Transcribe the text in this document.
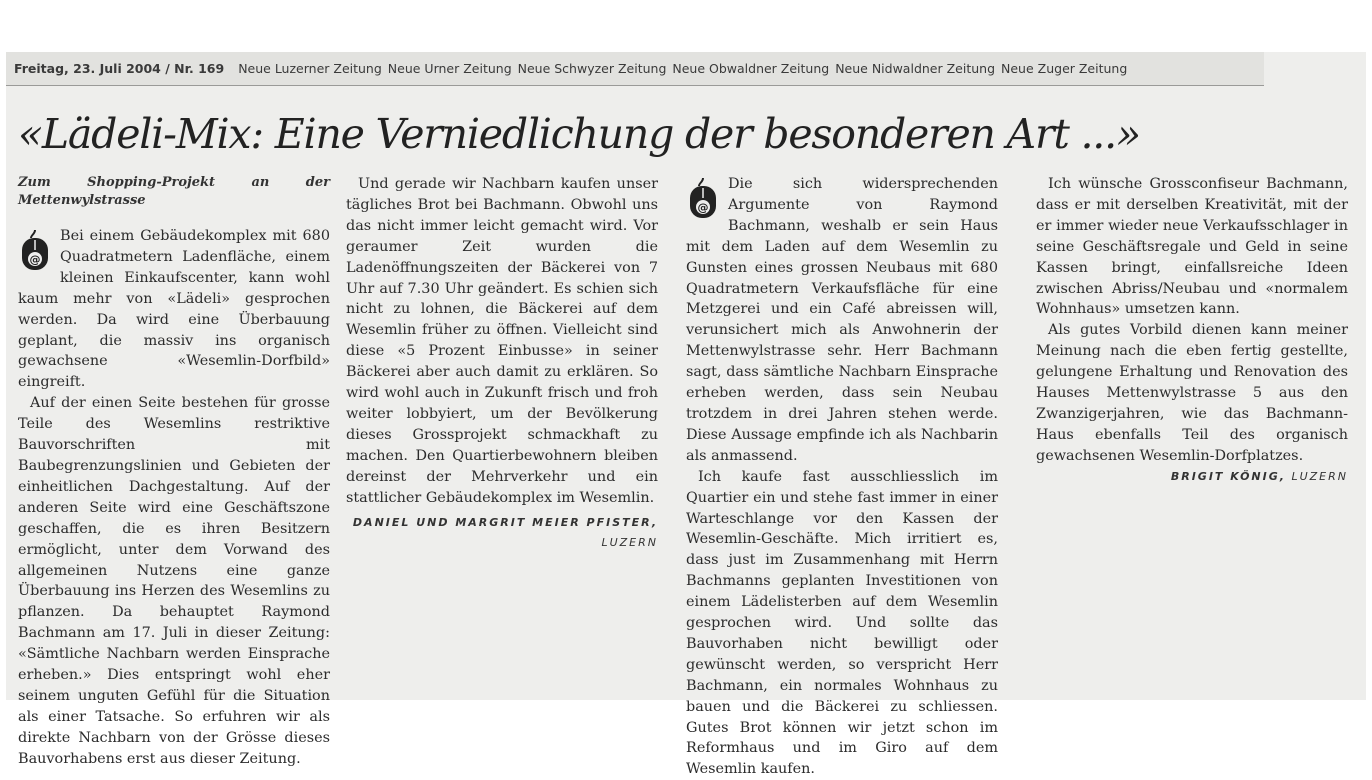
Freitag, 23. Juli 2004 / Nr. 169 Neue Luzerner Zeitung Neue Urner Zeitung Neue Schwyzer Zeitung Neue Obwaldner Zeitung Neue Nidwaldner Zeitung Neue Zuger Zeitung
«Lädeli-Mix: Eine Verniedlichung der besonderen Art ...»
Zum Shopping-Projekt an der Mettenwylstrasse
@

Bei einem Gebäudekomplex mit 680 Quadratmetern Ladenfläche, einem kleinen Einkaufscenter, kann wohl kaum mehr von «Lädeli» gesprochen werden. Da wird eine Überbauung geplant, die massiv ins organisch gewachsene «Wesemlin-Dorfbild» eingreift.

Auf der einen Seite bestehen für grosse Teile des Wesemlins restriktive Bauvorschriften mit Baubegrenzungslinien und Gebieten der einheitlichen Dachgestaltung. Auf der anderen Seite wird eine Geschäftszone geschaffen, die es ihren Besitzern ermöglicht, unter dem Vorwand des allgemeinen Nutzens eine ganze Überbauung ins Herzen des Wesemlins zu pflanzen. Da behauptet Raymond Bachmann am 17. Juli in dieser Zeitung: «Sämtliche Nachbarn werden Einsprache erheben.» Dies entspringt wohl eher seinem unguten Gefühl für die Situation als einer Tatsache. So erfuhren wir als direkte Nachbarn von der Grösse dieses Bauvorhabens erst aus dieser Zeitung.

Und gerade wir Nachbarn kaufen unser tägliches Brot bei Bachmann. Obwohl uns das nicht immer leicht gemacht wird. Vor geraumer Zeit wurden die Ladenöffnungszeiten der Bäckerei von 7 Uhr auf 7.30 Uhr geändert. Es schien sich nicht zu lohnen, die Bäckerei auf dem Wesemlin früher zu öffnen. Vielleicht sind diese «5 Prozent Einbusse» in seiner Bäckerei aber auch damit zu erklären. So wird wohl auch in Zukunft frisch und froh weiter lobbyiert, um der Bevölkerung dieses Grossprojekt schmackhaft zu machen. Den Quartierbewohnern bleiben dereinst der Mehrverkehr und ein stattlicher Gebäudekomplex im Wesemlin.

DANIEL UND MARGRIT MEIER PFISTER, LUZERN
@

Die sich widersprechenden Argumente von Raymond Bachmann, weshalb er sein Haus mit dem Laden auf dem Wesemlin zu Gunsten eines grossen Neubaus mit 680 Quadratmetern Verkaufsfläche für eine Metzgerei und ein Café abreissen will, verunsichert mich als Anwohnerin der Mettenwylstrasse sehr. Herr Bachmann sagt, dass sämtliche Nachbarn Einsprache erheben werden, dass sein Neubau trotzdem in drei Jahren stehen werde. Diese Aussage empfinde ich als Nachbarin als anmassend.

Ich kaufe fast ausschliesslich im Quartier ein und stehe fast immer in einer Warteschlange vor den Kassen der Wesemlin-Geschäfte. Mich irritiert es, dass just im Zusammenhang mit Herrn Bachmanns geplanten Investitionen von einem Lädelisterben auf dem Wesemlin gesprochen wird. Und sollte das Bauvorhaben nicht bewilligt oder gewünscht werden, so verspricht Herr Bachmann, ein normales Wohnhaus zu bauen und die Bäckerei zu schliessen. Gutes Brot können wir jetzt schon im Reformhaus und im Giro auf dem Wesemlin kaufen.

Ich wünsche Grossconfiseur Bachmann, dass er mit derselben Kreativität, mit der er immer wieder neue Verkaufsschlager in seine Geschäftsregale und Geld in seine Kassen bringt, einfallsreiche Ideen zwischen Abriss/Neubau und «normalem Wohnhaus» umsetzen kann.

Als gutes Vorbild dienen kann meiner Meinung nach die eben fertig gestellte, gelungene Erhaltung und Renovation des Hauses Mettenwylstrasse 5 aus den Zwanzigerjahren, wie das Bachmann-Haus ebenfalls Teil des organisch gewachsenen Wesemlin-Dorfplatzes.

BRIGIT KÖNIG, LUZERN
